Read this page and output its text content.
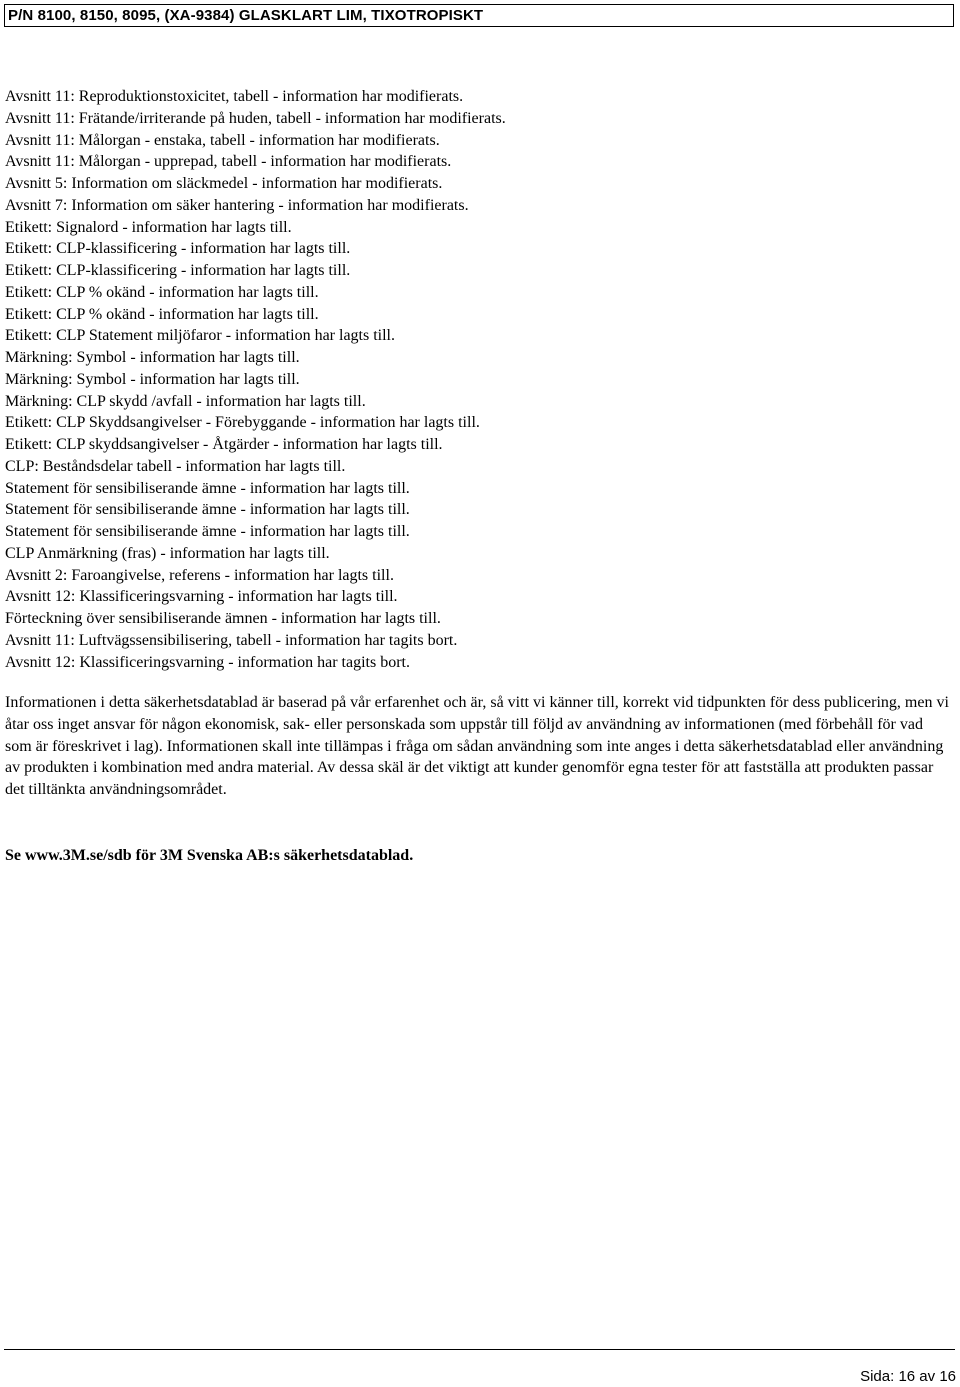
P/N 8100, 8150, 8095, (XA-9384) GLASKLART LIM, TIXOTROPISKT
Avsnitt 11: Reproduktionstoxicitet, tabell - information har modifierats.
Avsnitt 11: Frätande/irriterande på huden, tabell - information har modifierats.
Avsnitt 11: Målorgan - enstaka, tabell - information har modifierats.
Avsnitt 11: Målorgan - upprepad, tabell - information har modifierats.
Avsnitt 5: Information om släckmedel - information har modifierats.
Avsnitt 7: Information om säker hantering - information har modifierats.
Etikett: Signalord - information har lagts till.
Etikett: CLP-klassificering - information har lagts till.
Etikett: CLP-klassificering - information har lagts till.
Etikett: CLP % okänd - information har lagts till.
Etikett: CLP % okänd - information har lagts till.
Etikett: CLP Statement miljöfaror - information har lagts till.
Märkning: Symbol - information har lagts till.
Märkning: Symbol - information har lagts till.
Märkning: CLP skydd /avfall - information har lagts till.
Etikett: CLP Skyddsangivelser - Förebyggande - information har lagts till.
Etikett: CLP skyddsangivelser - Åtgärder - information har lagts till.
CLP: Beståndsdelar tabell - information har lagts till.
Statement för sensibiliserande ämne - information har lagts till.
Statement för sensibiliserande ämne - information har lagts till.
Statement för sensibiliserande ämne - information har lagts till.
CLP Anmärkning (fras) - information har lagts till.
Avsnitt 2: Faroangivelse, referens - information har lagts till.
Avsnitt 12: Klassificeringsvarning - information har lagts till.
Förteckning över sensibiliserande ämnen - information har lagts till.
Avsnitt 11: Luftvägssensibilisering, tabell - information har tagits bort.
Avsnitt 12: Klassificeringsvarning - information har tagits bort.

Informationen i detta säkerhetsdatablad är baserad på vår erfarenhet och är, så vitt vi känner till, korrekt vid tidpunkten för dess publicering, men vi åtar oss inget ansvar för någon ekonomisk, sak- eller personskada som uppstår till följd av användning av informationen (med förbehåll för vad som är föreskrivet i lag). Informationen skall inte tillämpas i fråga om sådan användning som inte anges i detta säkerhetsdatablad eller användning av produkten i kombination med andra material. Av dessa skäl är det viktigt att kunder genomför egna tester för att fastställa att produkten passar det tilltänkta användningsområdet.

Se www.3M.se/sdb för 3M Svenska AB:s säkerhetsdatablad.

Sida: 16 av 16
